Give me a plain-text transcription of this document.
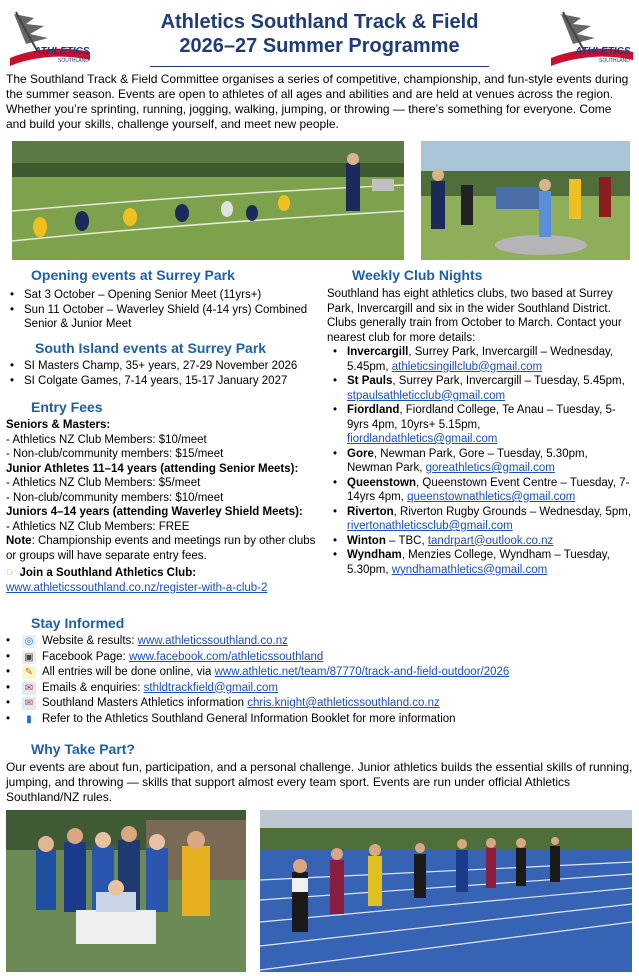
ATHLETICS
SOUTHLAND
ATHLETICS
SOUTHLAND
Athletics Southland Track & Field
2026–27 Summer Programme
The Southland Track & Field Committee organises a series of competitive, championship, and fun-style events during the summer season. Events are open to athletes of all ages and abilities and are held at venues across the region. Whether you’re sprinting, running, jogging, walking, jumping, or throwing — there’s something for everyone. Come and build your skills, challenge yourself, and meet new people.
Opening events at Surrey Park
• Sat 3 October – Opening Senior Meet (11yrs+)
• Sun 11 October – Waverley Shield (4-14 yrs) Combined Senior & Junior Meet
South Island events at Surrey Park
• SI Masters Champ, 35+ years, 27-29 November 2026
• SI Colgate Games, 7-14 years, 15-17 January 2027
Entry Fees
Seniors & Masters:
- Athletics NZ Club Members: $10/meet
- Non-club/community members: $15/meet
Junior Athletes 11–14 years (attending Senior Meets):
- Athletics NZ Club Members: $5/meet
- Non-club/community members: $10/meet
Juniors 4–14 years (attending Waverley Shield Meets):
- Athletics NZ Club Members: FREE
Note: Championship events and meetings run by other clubs or groups will have separate entry fees.
☞ Join a Southland Athletics Club:
www.athleticssouthland.co.nz/register-with-a-club-2
Weekly Club Nights
Southland has eight athletics clubs, two based at Surrey Park, Invercargill and six in the wider Southland District. Clubs generally train from October to March. Contact your nearest club for more details:
• Invercargill, Surrey Park, Invercargill – Wednesday, 5.45pm, athleticsingillclub@gmail.com
• St Pauls, Surrey Park, Invercargill – Tuesday, 5.45pm, stpaulsathleticclub@gmail.com
• Fiordland, Fiordland College, Te Anau – Tuesday, 5-9yrs 4pm, 10yrs+ 5.15pm, fiordlandathletics@gmail.com
• Gore, Newman Park, Gore – Tuesday, 5.30pm, Newman Park, goreathletics@gmail.com
• Queenstown, Queenstown Event Centre – Tuesday, 7-14yrs 4pm, queenstownathletics@gmail.com
• Riverton, Riverton Rugby Grounds – Wednesday, 5pm, rivertonathleticsclub@gmail.com
• Winton – TBC, tandrpart@outlook.co.nz
• Wyndham, Menzies College, Wyndham – Tuesday, 5.30pm, wyndhamathletics@gmail.com
Stay Informed
•	◎ Website & results: www.athleticssouthland.co.nz
•	▣ Facebook Page: www.facebook.com/athleticssouthland
•	✎ All entries will be done online, via www.athletic.net/team/87770/track-and-field-outdoor/2026
•	✉ Emails & enquiries: sthldtrackfield@gmail.com
•	✉ Southland Masters Athletics information chris.knight@athleticssouthland.co.nz
•	▮ Refer to the Athletics Southland General Information Booklet for more information
Why Take Part?
Our events are about fun, participation, and a personal challenge. Junior athletics builds the essential skills of running, jumping, and throwing — skills that support almost every team sport. Events are run under official Athletics Southland/NZ rules.
